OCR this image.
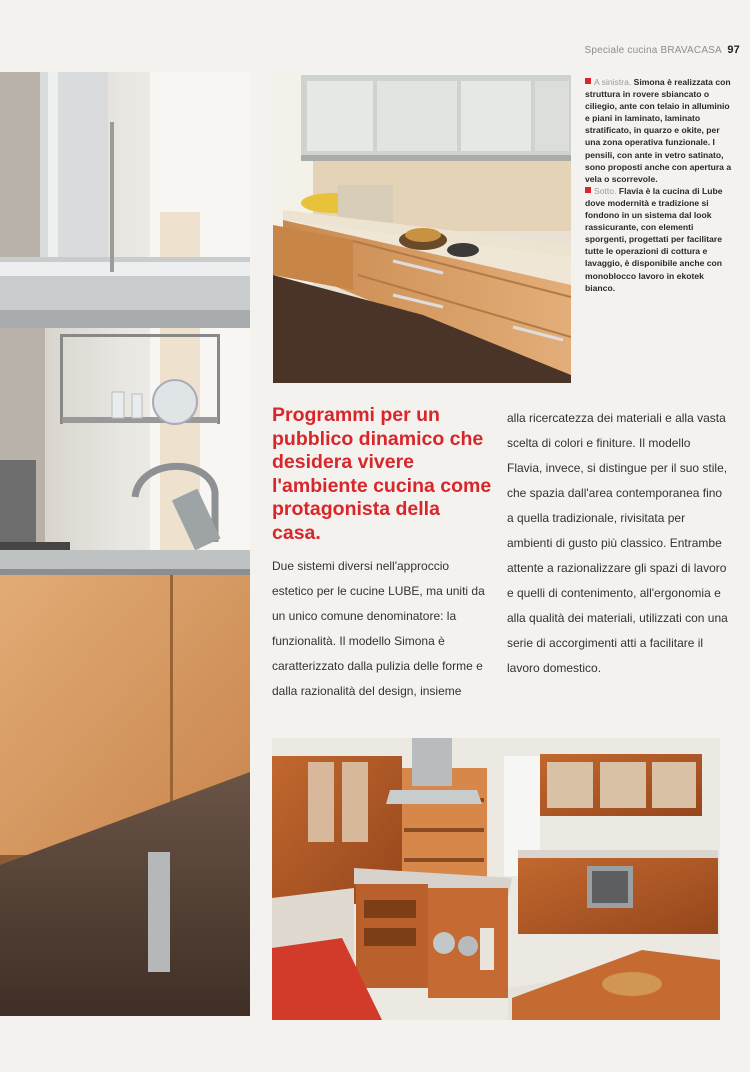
Speciale cucina BRAVACASA 97
A sinistra. Simona è realizzata con struttura in rovere sbiancato o ciliegio, ante con telaio in alluminio e piani in laminato, laminato stratificato, in quarzo e okite, per una zona operativa funzionale. I pensili, con ante in vetro satinato, sono proposti anche con apertura a vela o scorrevole.
Sotto. Flavia è la cucina di Lube dove modernità e tradizione si fondono in un sistema dal look rassicurante, con elementi sporgenti, progettati per facilitare tutte le operazioni di cottura e lavaggio, è disponibile anche con monoblocco lavoro in ekotek bianco.
Programmi per un pubblico dinamico che desidera vivere l'ambiente cucina come protagonista della casa.

Due sistemi diversi nell'approccio estetico per le cucine LUBE, ma uniti da un unico comune denominatore: la funzionalità. Il modello Simona è caratterizzato dalla pulizia delle forme e dalla razionalità del design, insieme

alla ricercatezza dei materiali e alla vasta scelta di colori e finiture. Il modello Flavia, invece, si distingue per il suo stile, che spazia dall'area contemporanea fino a quella tradizionale, rivisitata per ambienti di gusto più classico. Entrambe attente a razionalizzare gli spazi di lavoro e quelli di contenimento, all'ergonomia e alla qualità dei materiali, utilizzati con una serie di accorgimenti atti a facilitare il lavoro domestico.
